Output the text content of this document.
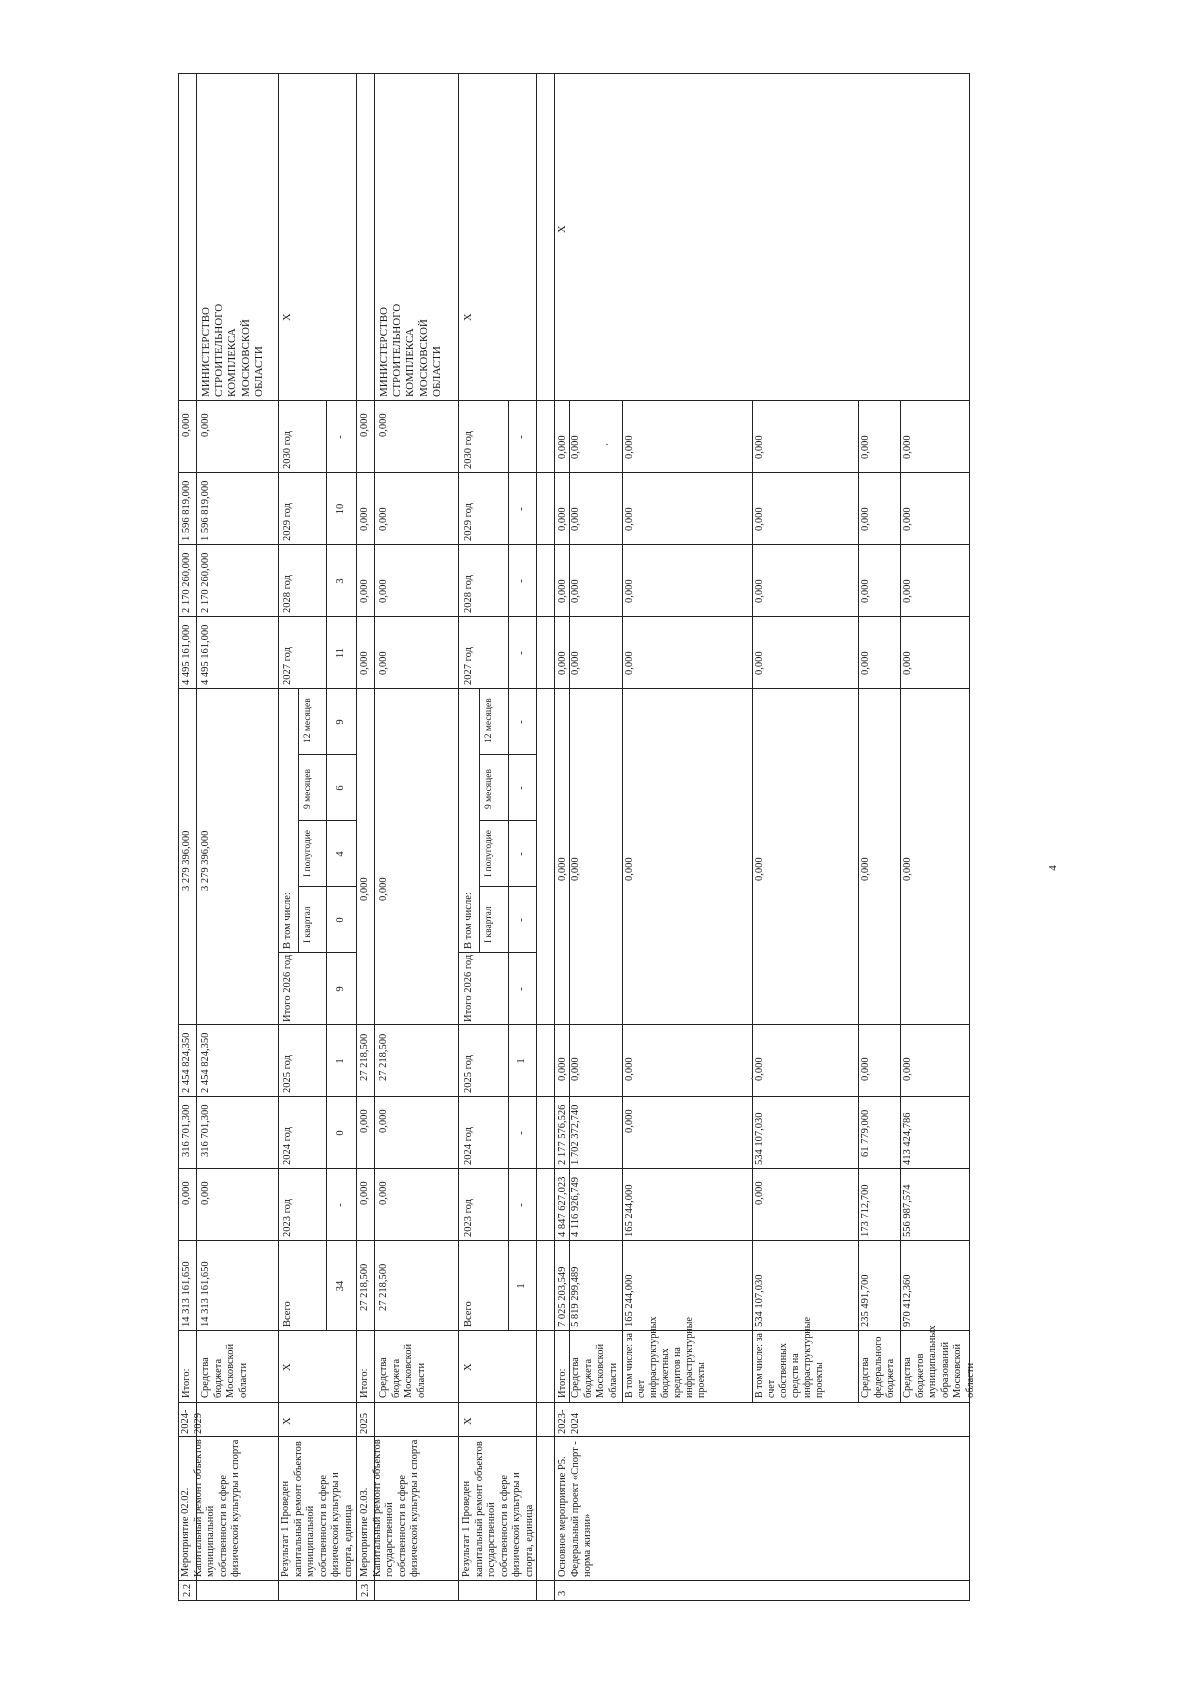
2.2
Мероприятие 02.02. Капитальный ремонт объектов муниципальной собственности в сфере физической культуры и спорта
2024-2029
Итого:
14 313 161,650
0,000
316 701,300
2 454 824,350
3 279 396,000
4 495 161,000
2 170 260,000
1 596 819,000
0,000
Средства бюджета Московской области
14 313 161,650
0,000
316 701,300
2 454 824,350
3 279 396,000
4 495 161,000
2 170 260,000
1 596 819,000
0,000
МИНИСТЕРСТВО СТРОИТЕЛЬНОГО КОМПЛЕКСА МОСКОВСКОЙ ОБЛАСТИ
Результат 1 Проведен капитальный ремонт объектов муниципальной собственности в сфере физической культуры и спорта, единица
X
X
Всего
2023 год
2024 год
2025 год
Итого 2026 год
В том числе: I квартал
I полугодие
9 месяцев
12 месяцев
2027 год
2028 год
2029 год
2030 год
X
34
-
0
1
9
0
4
6
9
11
3
10
-
2.3
Мероприятие 02.03. Капитальный ремонт объектов государственной собственности в сфере физической культуры и спорта
2025
Итого:
27 218,500
0,000
0,000
27 218,500
0,000
0,000
0,000
0,000
0,000
Средства бюджета Московской области
27 218,500
0,000
0,000
27 218,500
0,000
0,000
0,000
0,000
0,000
МИНИСТЕРСТВО СТРОИТЕЛЬНОГО КОМПЛЕКСА МОСКОВСКОЙ ОБЛАСТИ
Результат 1 Проведен капитальный ремонт объектов государственной собственности в сфере физической культуры и спорта, единица
X
X
Всего
2023 год
2024 год
2025 год
Итого 2026 год
В том числе: I квартал
I полугодие
9 месяцев
12 месяцев
2027 год
2028 год
2029 год
2030 год
X
1
-
-
1
-
-
-
-
-
-
-
-
-
3
Основное мероприятие Р5. Федеральный проект «Спорт - норма жизни»
2023-2024
Итого:
7 025 203,549
4 847 627,023
2 177 576,526
0,000
0,000
0,000
0,000
0,000
0,000
X
Средства бюджета Московской области
5 819 299,489
4 116 926,749
1 702 372,740
0,000
0,000
0,000
0,000
0,000
0,000
В том числе: за счет инфраструктурных бюджетных кредитов на инфраструктурные проекты
165 244,000
165 244,000
0,000
0,000
0,000
0,000
0,000
0,000
0,000
В том числе: за счет собственных средств на инфраструктурные проекты
534 107,030
0,000
534 107,030
0,000
0,000
0,000
0,000
0,000
0,000
Средства федерального бюджета
235 491,700
173 712,700
61 779,000
0,000
0,000
0,000
0,000
0,000
0,000
Средства бюджетов муниципальных образований Московской области
970 412,360
556 987,574
413 424,786
0,000
0,000
0,000
0,000
0,000
0,000
4
